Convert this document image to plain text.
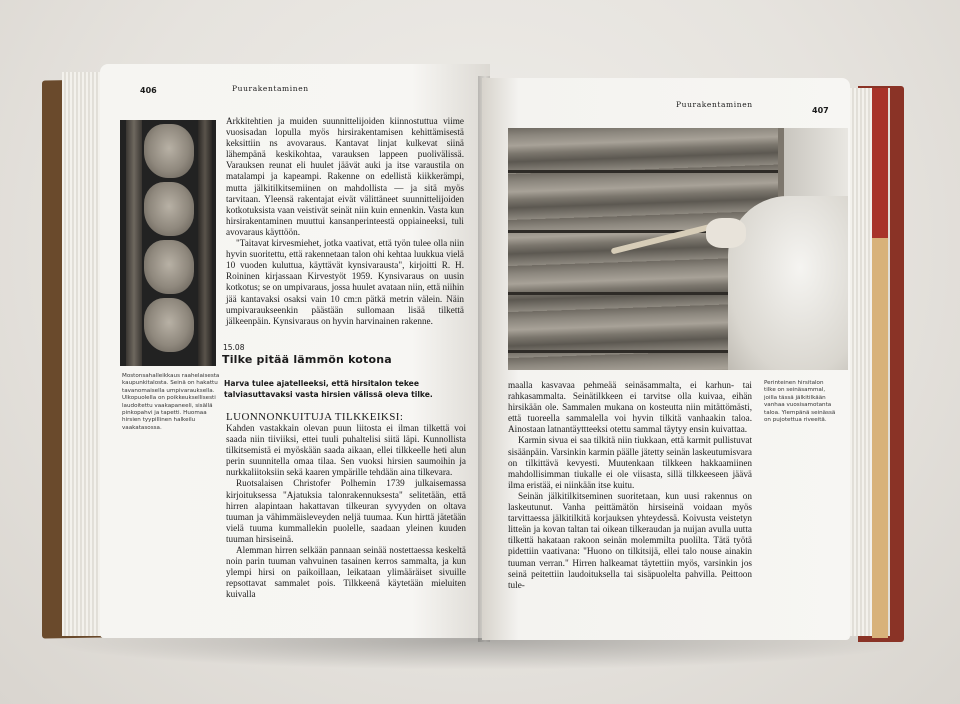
406	Puurakentaminen
Mostonsahalleikkaus raahelaisesta kaupunkitalosta. Seinä on hakattu tavanomaisella umpivarauksella. Ulkopuolella on poikkeuksellisesti laudoitettu vaakapaneeli, sisällä pinkopahvi ja tapetti. Huomaa hirsien tyypillinen halkeilu vaakatasossa.

Arkkitehtien ja muiden suunnittelijoiden kiinnostuttua viime vuosisadan lopulla myös hirsirakentamisen kehittämisestä keksittiin ns avovaraus. Kantavat linjat kulkevat siinä lähempänä keskikohtaa, varauksen lappeen puolivälissä. Varauksen reunat eli huulet jäävät auki ja itse varaustila on matalampi ja kapeampi. Rakenne on edellistä kiikkerämpi, mutta jälkitilkitsemiinen on mahdollista — ja sitä myös tarvitaan. Yleensä rakentajat eivät välittäneet suunnittelijoiden kotkotuksista vaan veistivät seinät niin kuin ennenkin. Vasta kun hirsirakentaminen muuttui kansanperinteestä oppiaineeksi, tuli avovaraus käyttöön.

"Taitavat kirvesmiehet, jotka vaativat, että työn tulee olla niin hyvin suoritettu, että rakennetaan talon ohi kehtaa luukkua vielä 10 vuoden kuluttua, käyttävät kynsivarausta", kirjoitti R. H. Roininen kirjassaan Kirvestyöt 1959. Kynsivaraus on uusin kotkotus; se on umpivaraus, jossa huulet avataan niin, että niihin jää kantavaksi osaksi vain 10 cm:n pätkä metrin välein. Näin umpivaraukseenkin päästään sullomaan lisää tilkettä jälkeenpäin. Kynsivaraus on hyvin harvinainen rakenne.

15.08
Tilke pitää lämmön kotona
Harva tulee ajatelleeksi, että hirsitalon tekee talviasuttavaksi vasta hirsien välissä oleva tilke.
LUONNONKUITUJA TILKKEIKSI:

Kahden vastakkain olevan puun liitosta ei ilman tilkettä voi saada niin tiiviiksi, ettei tuuli puhaltelisi siitä läpi. Kunnollista tilkitsemistä ei myöskään saada aikaan, ellei tilkkeelle heti alun perin suunnitella omaa tilaa. Sen vuoksi hirsien saumoihin ja nurkkaliitoksiin sekä kaaren ympärille tehdään aina tilkevara.

Ruotsalaisen Christofer Polhemin 1739 julkaisemassa kirjoituksessa "Ajatuksia talonrakennuksesta" selitetään, että hirren alapintaan hakattavan tilkeuran syvyyden on oltava tuuman ja vähimmäisleveyden neljä tuumaa. Kun hirttä jätetään vielä tuuma kummallekin puolelle, saadaan yleinen kuuden tuuman hirsiseinä.

Alemman hirren selkään pannaan seinää nostettaessa keskeltä noin parin tuuman vahvuinen tasainen kerros sammalta, ja kun ylempi hirsi on paikoillaan, leikataan ylimääräiset sivuille repsottavat sammalet pois. Tilkkeenä käytetään mieluiten kuivalla

Puurakentaminen
407
Perinteinen hirsitalon tilke on seinäsammal, joilla tässä jälkitilkään vanhaa vuosisamotanta taloa. Ylempänä seinässä on pujotettua riveeitä.

maalla kasvavaa pehmeää seinäsammalta, ei karhun- tai rahkasammalta. Seinätilkkeen ei tarvitse olla kuivaa, eihän hirsikään ole. Sammalen mukana on kosteutta niin mitättömästi, että tuoreella sammalella voi hyvin tilkitä vanhaakin taloa. Ainostaan latnantäyttteeksi otettu sammal täytyy ensin kuivattaa.

Karmin sivua ei saa tilkitä niin tiukkaan, että karmit pullistuvat sisäänpäin. Varsinkin karmin päälle jätetty seinän laskeutumisvara on tilkittävä kevyesti. Muutenkaan tilkkeen hakkaamiinen mahdollisimman tiukalle ei ole viisasta, sillä tilkkeeseen jäävä ilma eristää, ei niinkään itse kuitu.

Seinän jälkitilkitseminen suoritetaan, kun uusi rakennus on laskeutunut. Vanha peittämätön hirsiseinä voidaan myös tarvittaessa jälkitilkitä korjauksen yhteydessä. Koivusta veistetyn litteän ja kovan taltan tai oikean tilkeraudan ja nuijan avulla uutta tilkettä hakataan rakoon seinän molemmilta puolilta. Tätä työtä pidettiin vaativana: "Huono on tilkitsijä, ellei talo nouse ainakin tuuman verran." Hirren halkeamat täytettiin myös, varsinkin jos seinä peitettiin laudoituksella tai sisäpuolelta pahvilla. Peittoon tule-
